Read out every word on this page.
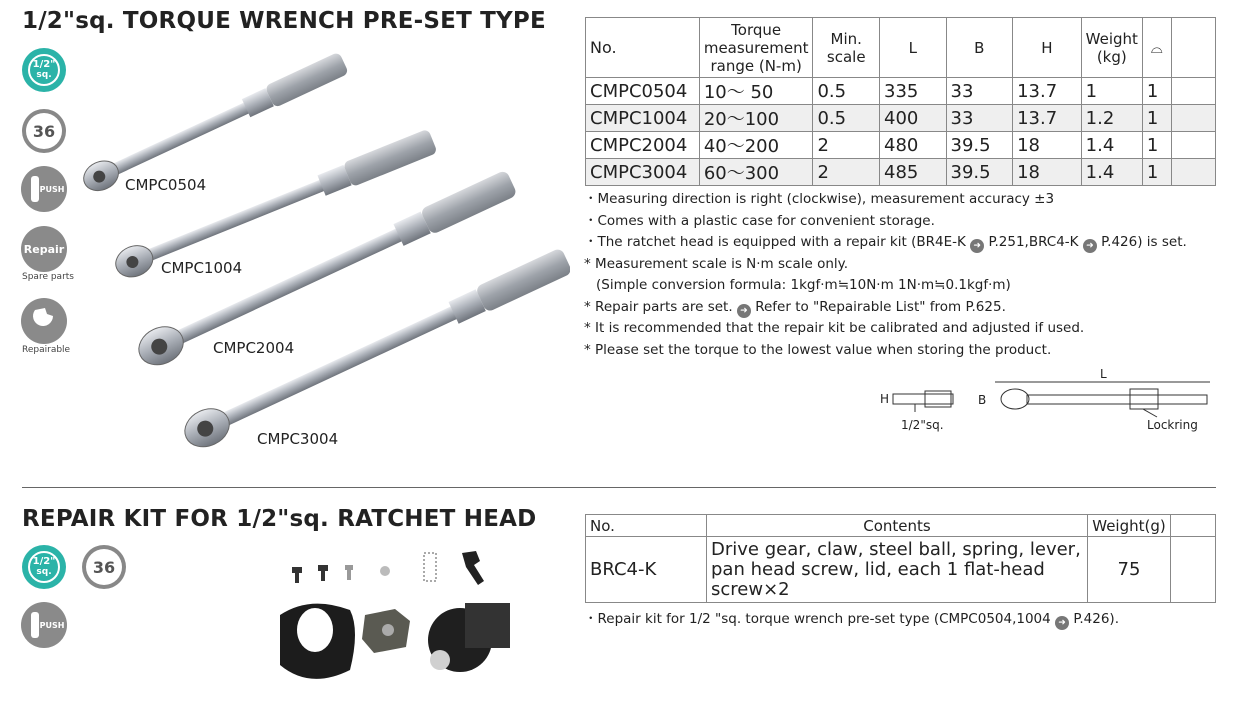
1/2"sq. TORQUE WRENCH PRE-SET TYPE
1/2"
sq.
36
PUSH
Repair
Spare parts
Repairable
CMPC0504
CMPC1004
CMPC2004
CMPC3004
No.	Torque measurement range (N-m)	Min. scale	L	B	H	Weight (kg)	⌓	
CMPC0504	10～ 50	0.5	335	33	13.7	1	1	
CMPC1004	20～100	0.5	400	33	13.7	1.2	1	
CMPC2004	40～200	2	480	39.5	18	1.4	1	
CMPC3004	60～300	2	485	39.5	18	1.4	1	
・Measuring direction is right (clockwise), measurement accuracy ±3
・Comes with a plastic case for convenient storage.
・The ratchet head is equipped with a repair kit (BR4E-K ➜ P.251,BRC4-K ➜ P.426) is set.
* Measurement scale is N·m scale only.
(Simple conversion formula: 1kgf·m≒10N·m 1N·m≒0.1kgf·m)
* Repair parts are set. ➜ Refer to "Repairable List" from P.625.
* It is recommended that the repair kit be calibrated and adjusted if used.
* Please set the torque to the lowest value when storing the product.
H
1/2"sq.
B
L
Lockring
REPAIR KIT FOR 1/2"sq. RATCHET HEAD
1/2"
sq.	36
PUSH
No.	Contents	Weight(g)	
BRC4-K	Drive gear, claw, steel ball, spring, lever, pan head screw, lid, each 1 flat-head screw×2	75	
・Repair kit for 1/2 "sq. torque wrench pre-set type (CMPC0504,1004 ➜ P.426).
